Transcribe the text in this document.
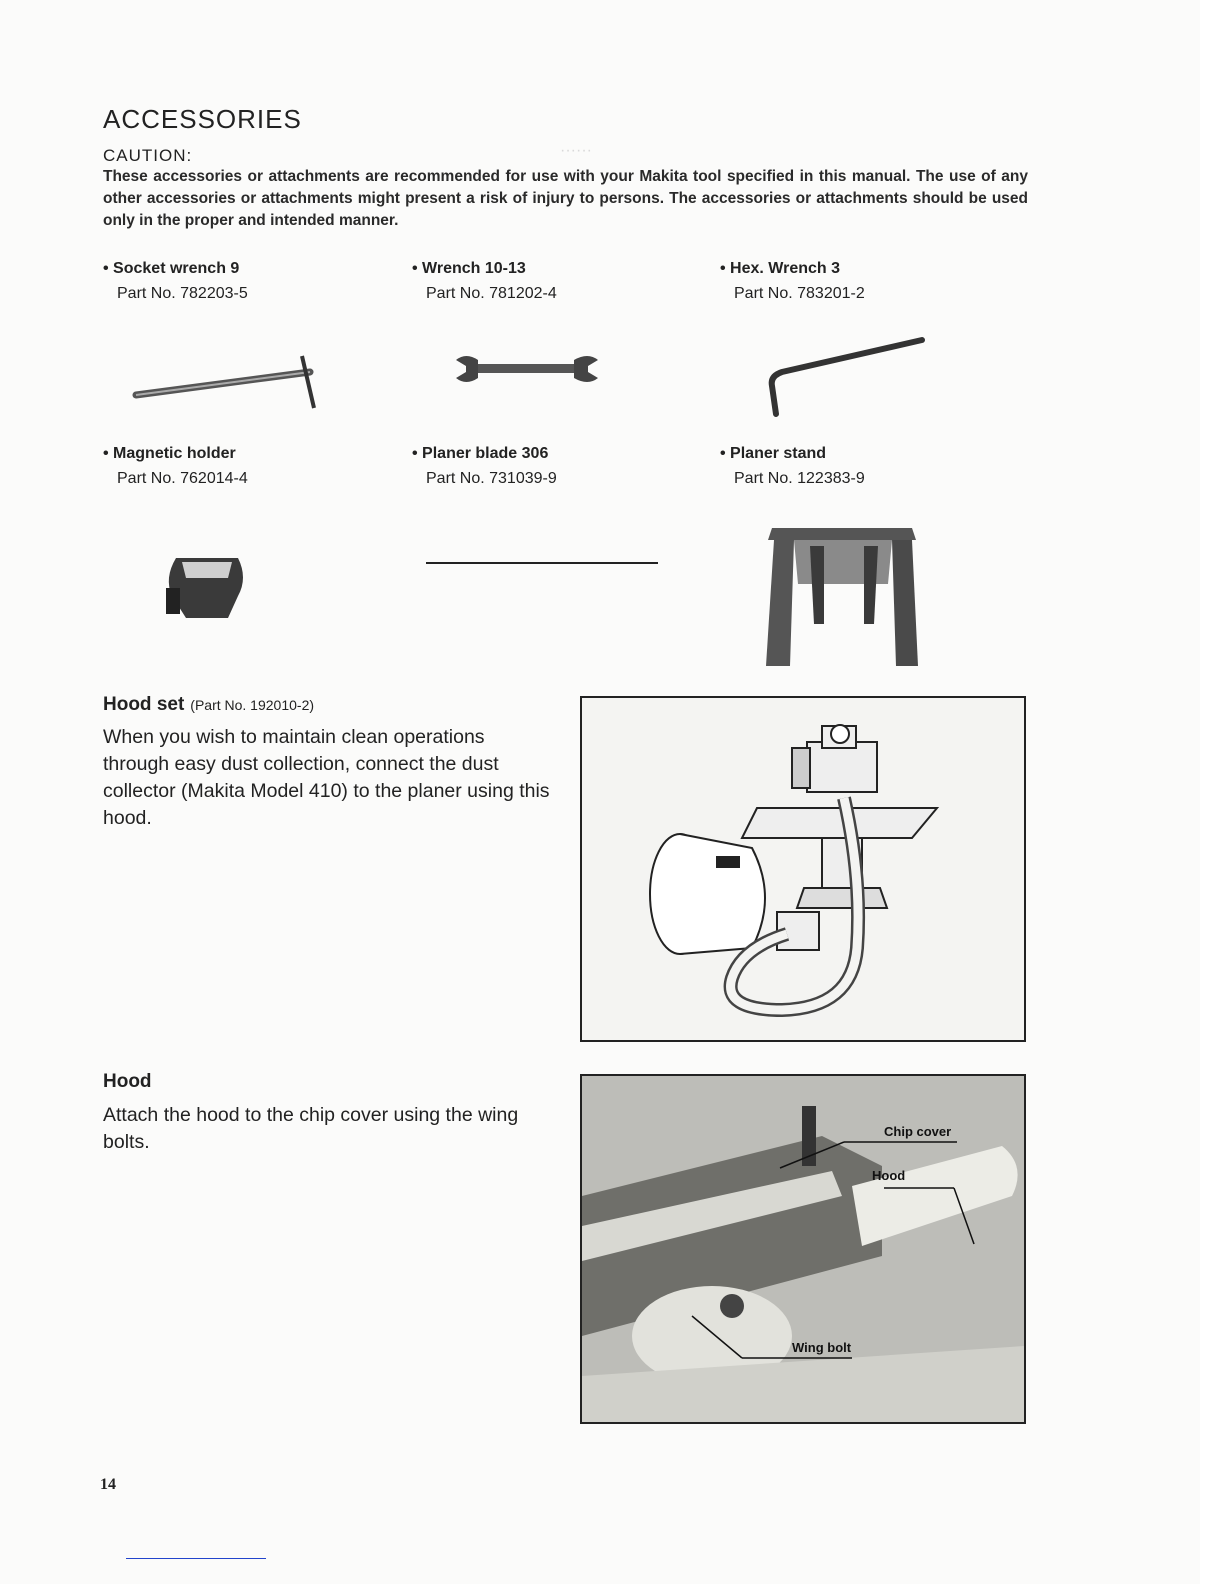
······
ACCESSORIES
CAUTION:
These accessories or attachments are recommended for use with your Makita tool specified in this manual. The use of any other accessories or attachments might present a risk of injury to persons. The accessories or attachments should be used only in the proper and intended manner.
• Socket wrench 9
Part No. 782203-5
• Wrench 10-13
Part No. 781202-4
• Hex. Wrench 3
Part No. 783201-2
• Magnetic holder
Part No. 762014-4
• Planer blade 306
Part No. 731039-9
• Planer stand
Part No. 122383-9
Hood set (Part No. 192010-2)
When you wish to maintain clean operations through easy dust collection, connect the dust collector (Makita Model 410) to the planer using this hood.
Hood
Attach the hood to the chip cover using the wing bolts.	Chip cover
Hood
Wing bolt
14
